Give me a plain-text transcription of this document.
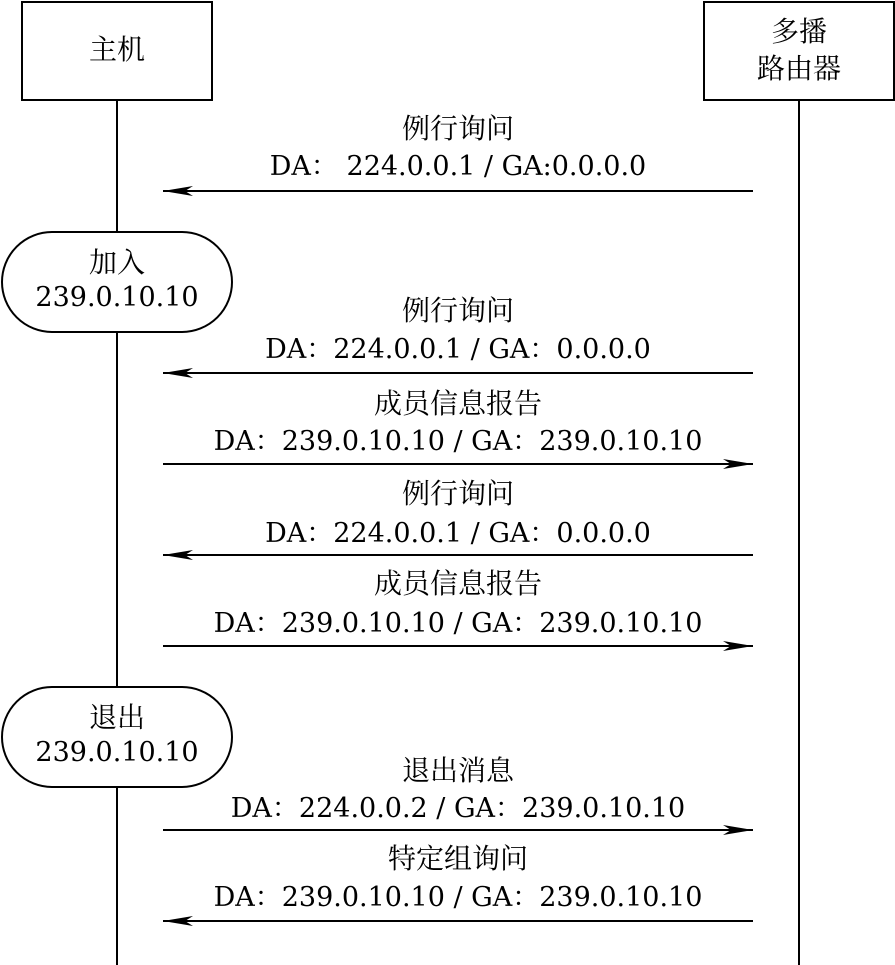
主机
多播
路由器
加入
239.0.10.10
退出
239.0.10.10
例行询问
DA： 224.0.0.1 / GA:0.0.0.0
例行询问
DA：224.0.0.1 / GA：0.0.0.0
成员信息报告
DA：239.0.10.10 / GA：239.0.10.10
例行询问
DA：224.0.0.1 / GA：0.0.0.0
成员信息报告
DA：239.0.10.10 / GA：239.0.10.10
退出消息
DA：224.0.0.2 / GA：239.0.10.10
特定组询问
DA：239.0.10.10 / GA：239.0.10.10
